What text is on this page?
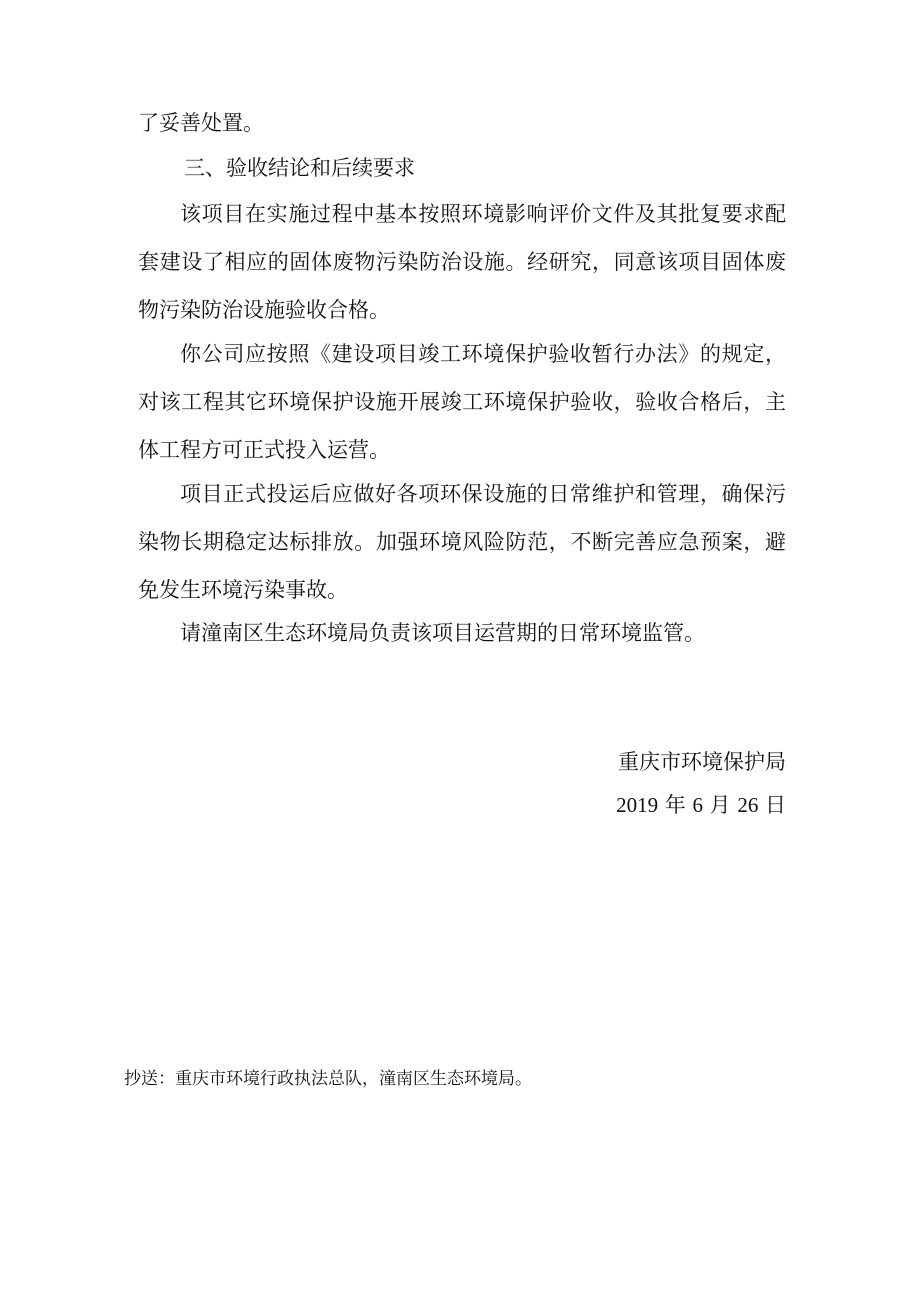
了妥善处置。
三、验收结论和后续要求
该项目在实施过程中基本按照环境影响评价文件及其批复要求配套建设了相应的固体废物污染防治设施。经研究，同意该项目固体废物污染防治设施验收合格。
你公司应按照《建设项目竣工环境保护验收暂行办法》的规定，对该工程其它环境保护设施开展竣工环境保护验收，验收合格后，主体工程方可正式投入运营。
项目正式投运后应做好各项环保设施的日常维护和管理，确保污染物长期稳定达标排放。加强环境风险防范，不断完善应急预案，避免发生环境污染事故。
请潼南区生态环境局负责该项目运营期的日常环境监管。
重庆市环境保护局
2019 年 6 月 26 日
抄送：重庆市环境行政执法总队，潼南区生态环境局。
